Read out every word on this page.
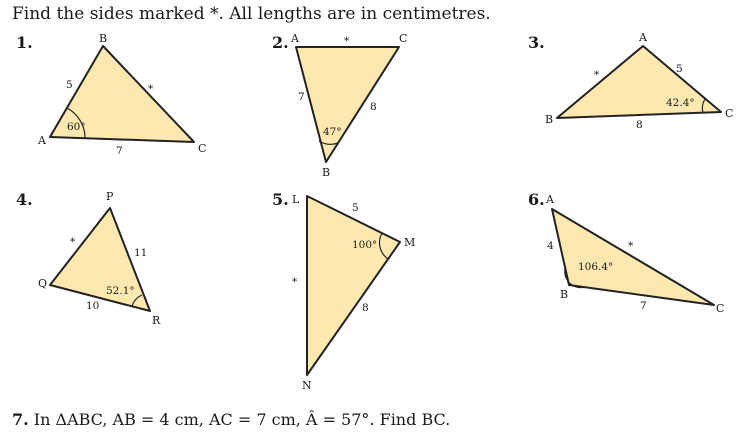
Find the sides marked *. All lengths are in centimetres.
1.	2.	3.
4.	5.	6.
B
A
C
5	*
7
60°
A	C
B
*
7
8
47°
A
B	C
*	5
8
42.4°
P
Q
R
*
11
10
52.1°
L
M
N
5
*
8
100°
A
B
C
4	*
7
106.4°
7. In ΔABC, AB = 4 cm, AC = 7 cm, Â = 57°. Find BC.
